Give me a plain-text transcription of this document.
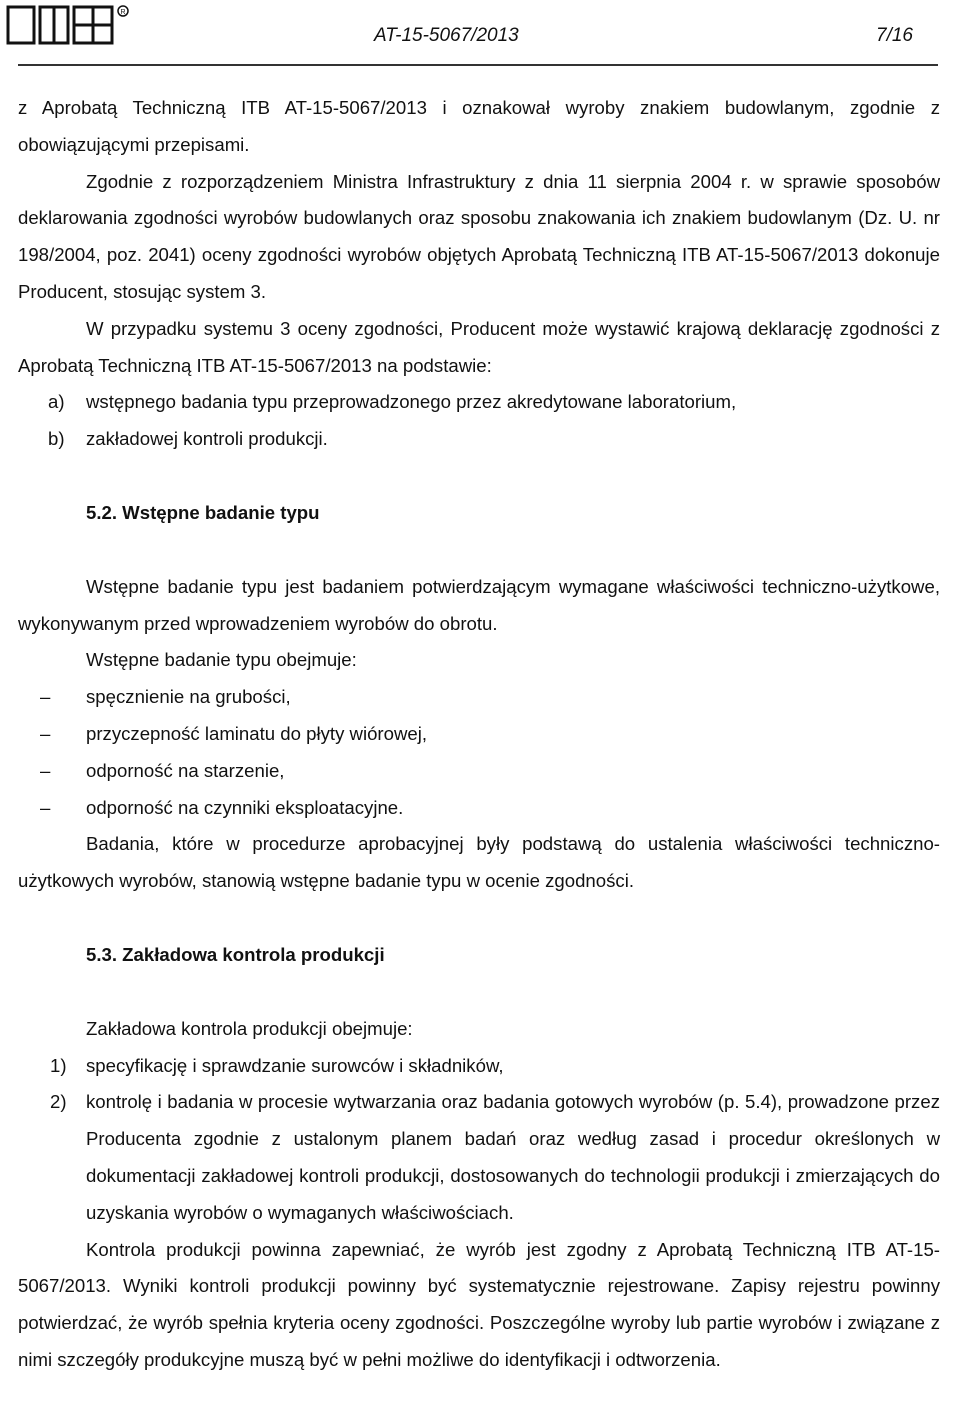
R
AT-15-5067/2013	7/16

z Aprobatą Techniczną ITB AT-15-5067/2013 i oznakował wyroby znakiem budowlanym, zgodnie z obowiązującymi przepisami.

Zgodnie z rozporządzeniem Ministra Infrastruktury z dnia 11 sierpnia 2004 r. w sprawie sposobów deklarowania zgodności wyrobów budowlanych oraz sposobu znakowania ich znakiem budowlanym (Dz. U. nr 198/2004, poz. 2041) oceny zgodności wyrobów objętych Aprobatą Techniczną ITB AT-15-5067/2013 dokonuje Producent, stosując system 3.

W przypadku systemu 3 oceny zgodności, Producent może wystawić krajową deklarację zgodności z Aprobatą Techniczną ITB AT-15-5067/2013 na podstawie:

a) wstępnego badania typu przeprowadzonego przez akredytowane laboratorium,
b) zakładowej kontroli produkcji.
5.2. Wstępne badanie typu

Wstępne badanie typu jest badaniem potwierdzającym wymagane właściwości techniczno-użytkowe, wykonywanym przed wprowadzeniem wyrobów do obrotu.

Wstępne badanie typu obejmuje:

– spęcznienie na grubości,
– przyczepność laminatu do płyty wiórowej,
– odporność na starzenie,
– odporność na czynniki eksploatacyjne.

Badania, które w procedurze aprobacyjnej były podstawą do ustalenia właściwości techniczno-użytkowych wyrobów, stanowią wstępne badanie typu w ocenie zgodności.

5.3. Zakładowa kontrola produkcji

Zakładowa kontrola produkcji obejmuje:

1) specyfikację i sprawdzanie surowców i składników,
2) kontrolę i badania w procesie wytwarzania oraz badania gotowych wyrobów (p. 5.4), prowadzone przez Producenta zgodnie z ustalonym planem badań oraz według zasad i procedur określonych w dokumentacji zakładowej kontroli produkcji, dostosowanych do technologii produkcji i zmierzających do uzyskania wyrobów o wymaganych właściwościach.

Kontrola produkcji powinna zapewniać, że wyrób jest zgodny z Aprobatą Techniczną ITB AT-15-5067/2013. Wyniki kontroli produkcji powinny być systematycznie rejestrowane. Zapisy rejestru powinny potwierdzać, że wyrób spełnia kryteria oceny zgodności. Poszczególne wyroby lub partie wyrobów i związane z nimi szczegóły produkcyjne muszą być w pełni możliwe do identyfikacji i odtworzenia.
